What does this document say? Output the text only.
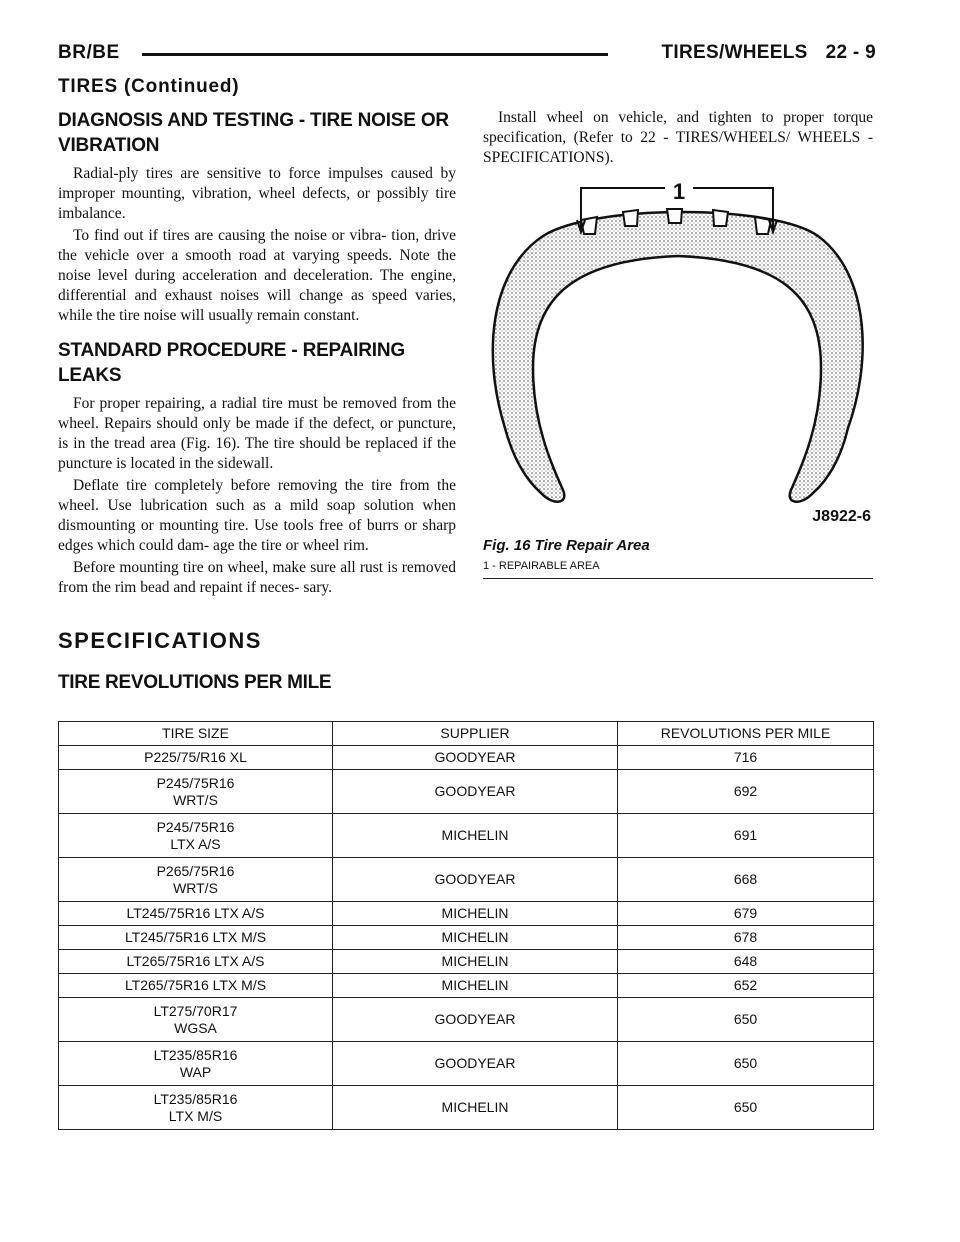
BR/BE	TIRES/WHEELS 22 - 9
TIRES (Continued)
DIAGNOSIS AND TESTING - TIRE NOISE OR
VIBRATION

Radial-ply tires are sensitive to force impulses caused by improper mounting, vibration, wheel defects, or possibly tire imbalance.

To find out if tires are causing the noise or vibra- tion, drive the vehicle over a smooth road at varying speeds. Note the noise level during acceleration and deceleration. The engine, differential and exhaust noises will change as speed varies, while the tire noise will usually remain constant.

STANDARD PROCEDURE - REPAIRING LEAKS

For proper repairing, a radial tire must be removed from the wheel. Repairs should only be made if the defect, or puncture, is in the tread area (Fig. 16). The tire should be replaced if the puncture is located in the sidewall.

Deflate tire completely before removing the tire from the wheel. Use lubrication such as a mild soap solution when dismounting or mounting tire. Use tools free of burrs or sharp edges which could dam- age the tire or wheel rim.

Before mounting tire on wheel, make sure all rust is removed from the rim bead and repaint if neces- sary.

Install wheel on vehicle, and tighten to proper torque specification, (Refer to 22 - TIRES/WHEELS/ WHEELS - SPECIFICATIONS).

1
J8922-6
Fig. 16 Tire Repair Area
1 - REPAIRABLE AREA
SPECIFICATIONS
TIRE REVOLUTIONS PER MILE
TIRE SIZE	SUPPLIER	REVOLUTIONS PER MILE

P225/75/R16 XL	GOODYEAR	716

P245/75R16
WRT/S	GOODYEAR	692

P245/75R16
LTX A/S	MICHELIN	691

P265/75R16
WRT/S	GOODYEAR	668

LT245/75R16 LTX A/S	MICHELIN	679

LT245/75R16 LTX M/S	MICHELIN	678

LT265/75R16 LTX A/S	MICHELIN	648

LT265/75R16 LTX M/S	MICHELIN	652

LT275/70R17
WGSA	GOODYEAR	650

LT235/85R16
WAP	GOODYEAR	650

LT235/85R16
LTX M/S	MICHELIN	650
